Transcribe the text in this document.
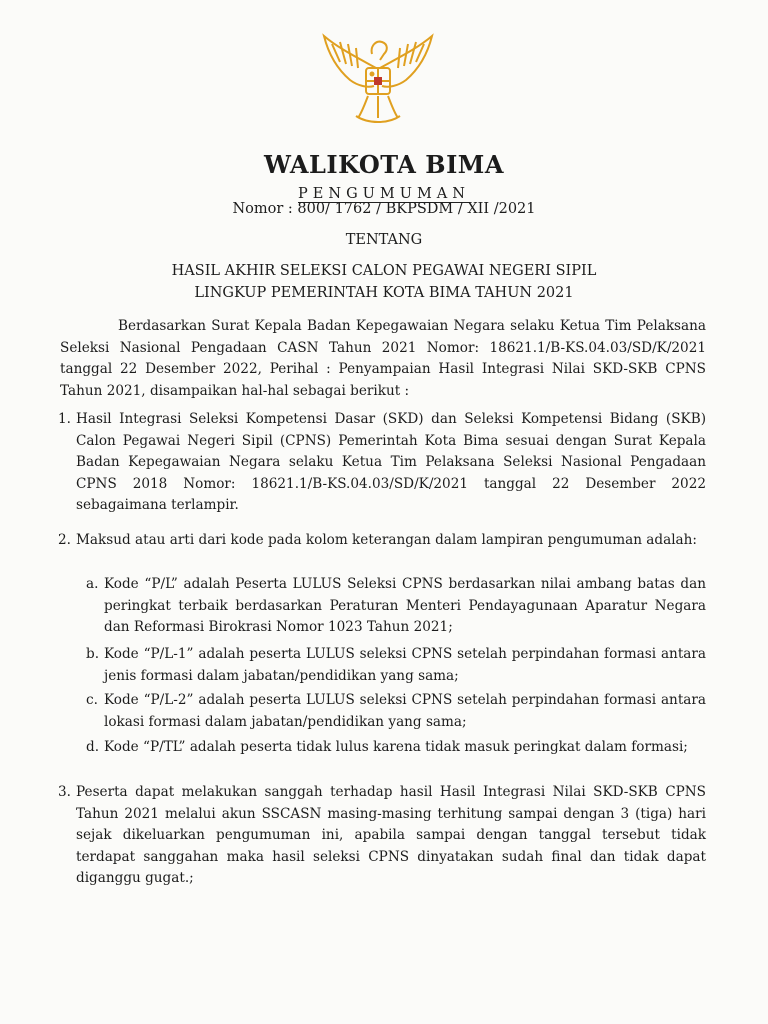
WALIKOTA BIMA
PENGUMUMAN
Nomor : 800/ 1762 / BKPSDM / XII /2021
TENTANG
HASIL AKHIR SELEKSI CALON PEGAWAI NEGERI SIPIL
LINGKUP PEMERINTAH KOTA BIMA TAHUN 2021
Berdasarkan Surat Kepala Badan Kepegawaian Negara selaku Ketua Tim Pelaksana Seleksi Nasional Pengadaan CASN Tahun 2021 Nomor: 18621.1/B-KS.04.03/SD/K/2021 tanggal 22 Desember 2022, Perihal : Penyampaian Hasil Integrasi Nilai SKD-SKB CPNS Tahun 2021, disampaikan hal-hal sebagai berikut :
1. Hasil Integrasi Seleksi Kompetensi Dasar (SKD) dan Seleksi Kompetensi Bidang (SKB) Calon Pegawai Negeri Sipil (CPNS) Pemerintah Kota Bima sesuai dengan Surat Kepala Badan Kepegawaian Negara selaku Ketua Tim Pelaksana Seleksi Nasional Pengadaan CPNS 2018 Nomor: 18621.1/B-KS.04.03/SD/K/2021 tanggal 22 Desember 2022 sebagaimana terlampir.
2. Maksud atau arti dari kode pada kolom keterangan dalam lampiran pengumuman adalah:
a. Kode “P/L” adalah Peserta LULUS Seleksi CPNS berdasarkan nilai ambang batas dan peringkat terbaik berdasarkan Peraturan Menteri Pendayagunaan Aparatur Negara dan Reformasi Birokrasi Nomor 1023 Tahun 2021;
b. Kode “P/L-1” adalah peserta LULUS seleksi CPNS setelah perpindahan formasi antara jenis formasi dalam jabatan/pendidikan yang sama;
c. Kode “P/L-2” adalah peserta LULUS seleksi CPNS setelah perpindahan formasi antara lokasi formasi dalam jabatan/pendidikan yang sama;
d. Kode “P/TL” adalah peserta tidak lulus karena tidak masuk peringkat dalam formasi;
3. Peserta dapat melakukan sanggah terhadap hasil Hasil Integrasi Nilai SKD-SKB CPNS Tahun 2021 melalui akun SSCASN masing-masing terhitung sampai dengan 3 (tiga) hari sejak dikeluarkan pengumuman ini, apabila sampai dengan tanggal tersebut tidak terdapat sanggahan maka hasil seleksi CPNS dinyatakan sudah final dan tidak dapat diganggu gugat.;
